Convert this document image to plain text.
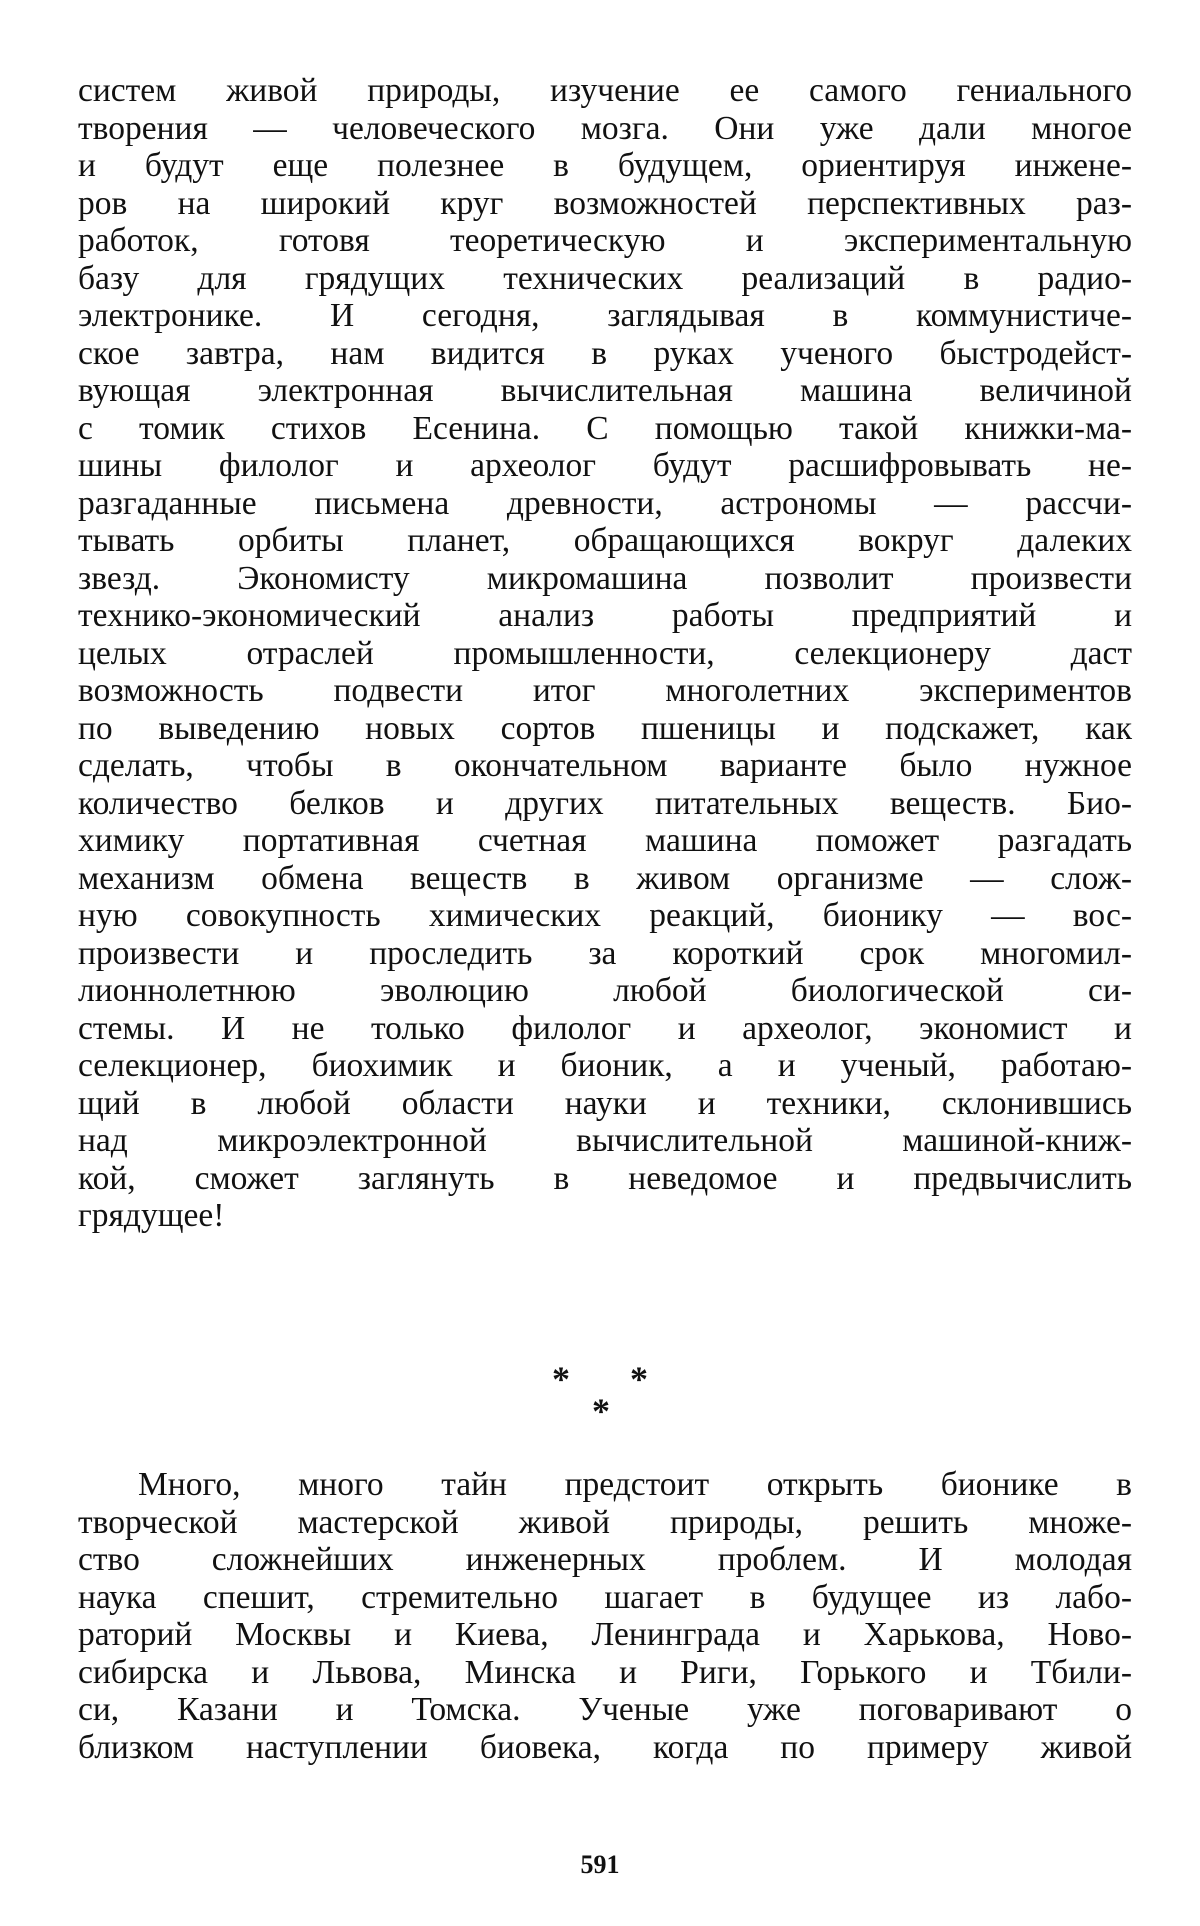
систем живой природы, изучение ее самого гениального
творения — человеческого мозга. Они уже дали многое
и будут еще полезнее в будущем, ориентируя инжене-
ров на широкий круг возможностей перспективных раз-
работок, готовя теоретическую и экспериментальную
базу для грядущих технических реализаций в радио-
электронике. И сегодня, заглядывая в коммунистиче-
ское завтра, нам видится в руках ученого быстродейст-
вующая электронная вычислительная машина величиной
с томик стихов Есенина. С помощью такой книжки-ма-
шины филолог и археолог будут расшифровывать не-
разгаданные письмена древности, астрономы — рассчи-
тывать орбиты планет, обращающихся вокруг далеких
звезд. Экономисту микромашина позволит произвести
технико-экономический анализ работы предприятий и
целых отраслей промышленности, селекционеру даст
возможность подвести итог многолетних экспериментов
по выведению новых сортов пшеницы и подскажет, как
сделать, чтобы в окончательном варианте было нужное
количество белков и других питательных веществ. Био-
химику портативная счетная машина поможет разгадать
механизм обмена веществ в живом организме — слож-
ную совокупность химических реакций, бионику — вос-
произвести и проследить за короткий срок многомил-
лионнолетнюю эволюцию любой биологической си-
стемы. И не только филолог и археолог, экономист и
селекционер, биохимик и бионик, а и ученый, работаю-
щий в любой области науки и техники, склонившись
над микроэлектронной вычислительной машиной-книж-
кой, сможет заглянуть в неведомое и предвычислить
грядущее!
* *
*
Много, много тайн предстоит открыть бионике в
творческой мастерской живой природы, решить множе-
ство сложнейших инженерных проблем. И молодая
наука спешит, стремительно шагает в будущее из лабо-
раторий Москвы и Киева, Ленинграда и Харькова, Ново-
сибирска и Львова, Минска и Риги, Горького и Тбили-
си, Казани и Томска. Ученые уже поговаривают о
близком наступлении биовека, когда по примеру живой
591
